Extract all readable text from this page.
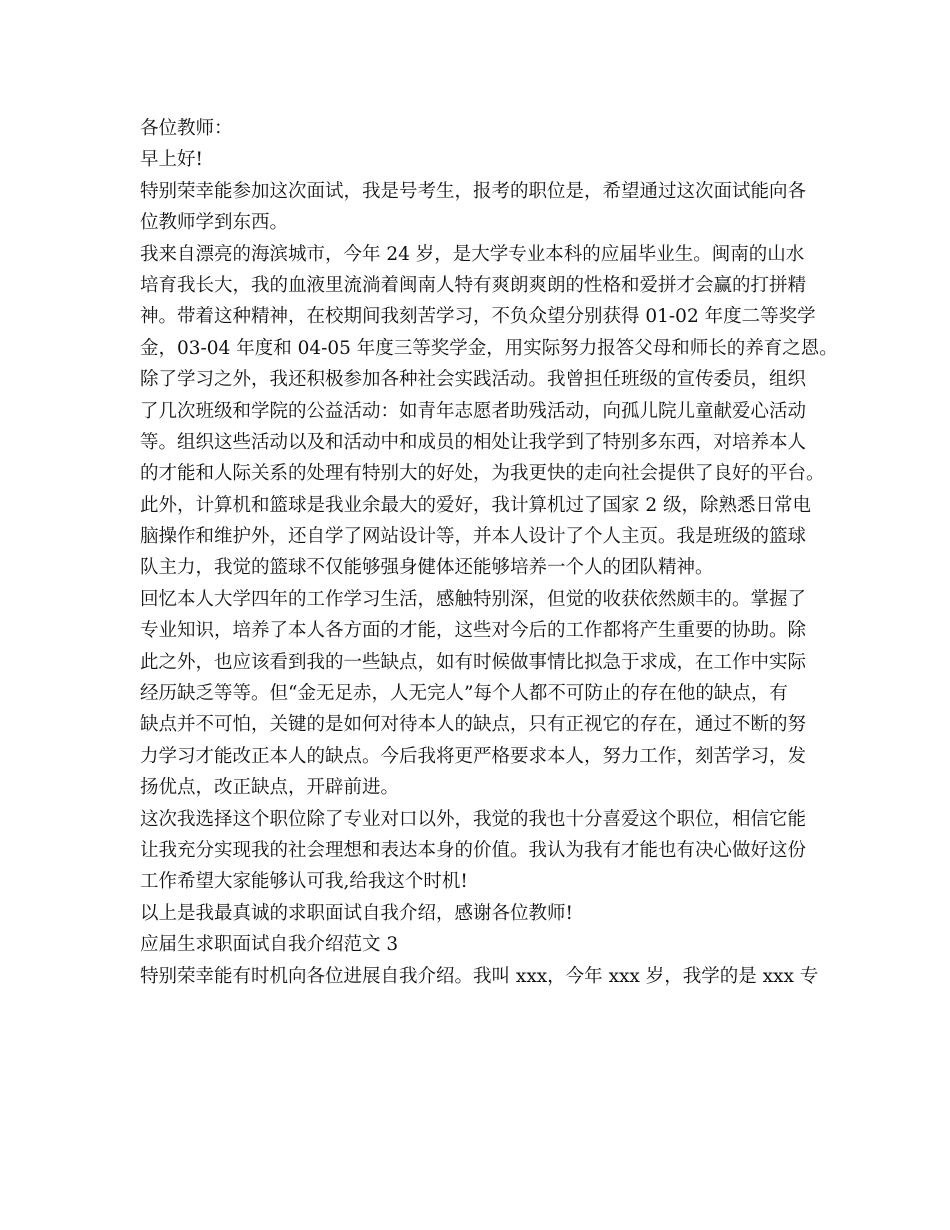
各位教师：
早上好!
特别荣幸能参加这次面试，我是号考生，报考的职位是，希望通过这次面试能向各
位教师学到东西。
我来自漂亮的海滨城市，今年 24 岁，是大学专业本科的应届毕业生。闽南的山水
培育我长大，我的血液里流淌着闽南人特有爽朗爽朗的性格和爱拼才会赢的打拼精
神。带着这种精神，在校期间我刻苦学习，不负众望分别获得 01-02 年度二等奖学
金，03-04 年度和 04-05 年度三等奖学金，用实际努力报答父母和师长的养育之恩。
除了学习之外，我还积极参加各种社会实践活动。我曾担任班级的宣传委员，组织
了几次班级和学院的公益活动：如青年志愿者助残活动，向孤儿院儿童献爱心活动
等。组织这些活动以及和活动中和成员的相处让我学到了特别多东西，对培养本人
的才能和人际关系的处理有特别大的好处，为我更快的走向社会提供了良好的平台。
此外，计算机和篮球是我业余最大的爱好，我计算机过了国家 2 级，除熟悉日常电
脑操作和维护外，还自学了网站设计等，并本人设计了个人主页。我是班级的篮球
队主力，我觉的篮球不仅能够强身健体还能够培养一个人的团队精神。
回忆本人大学四年的工作学习生活，感触特别深，但觉的收获依然颇丰的。掌握了
专业知识，培养了本人各方面的才能，这些对今后的工作都将产生重要的协助。除
此之外，也应该看到我的一些缺点，如有时候做事情比拟急于求成，在工作中实际
经历缺乏等等。但“金无足赤，人无完人”每个人都不可防止的存在他的缺点，有
缺点并不可怕，关键的是如何对待本人的缺点，只有正视它的存在，通过不断的努
力学习才能改正本人的缺点。今后我将更严格要求本人，努力工作，刻苦学习，发
扬优点，改正缺点，开辟前进。
这次我选择这个职位除了专业对口以外，我觉的我也十分喜爱这个职位，相信它能
让我充分实现我的社会理想和表达本身的价值。我认为我有才能也有决心做好这份
工作希望大家能够认可我,给我这个时机!
以上是我最真诚的求职面试自我介绍，感谢各位教师!
应届生求职面试自我介绍范文 3
特别荣幸能有时机向各位进展自我介绍。我叫 xxx，今年 xxx 岁，我学的是 xxx 专
